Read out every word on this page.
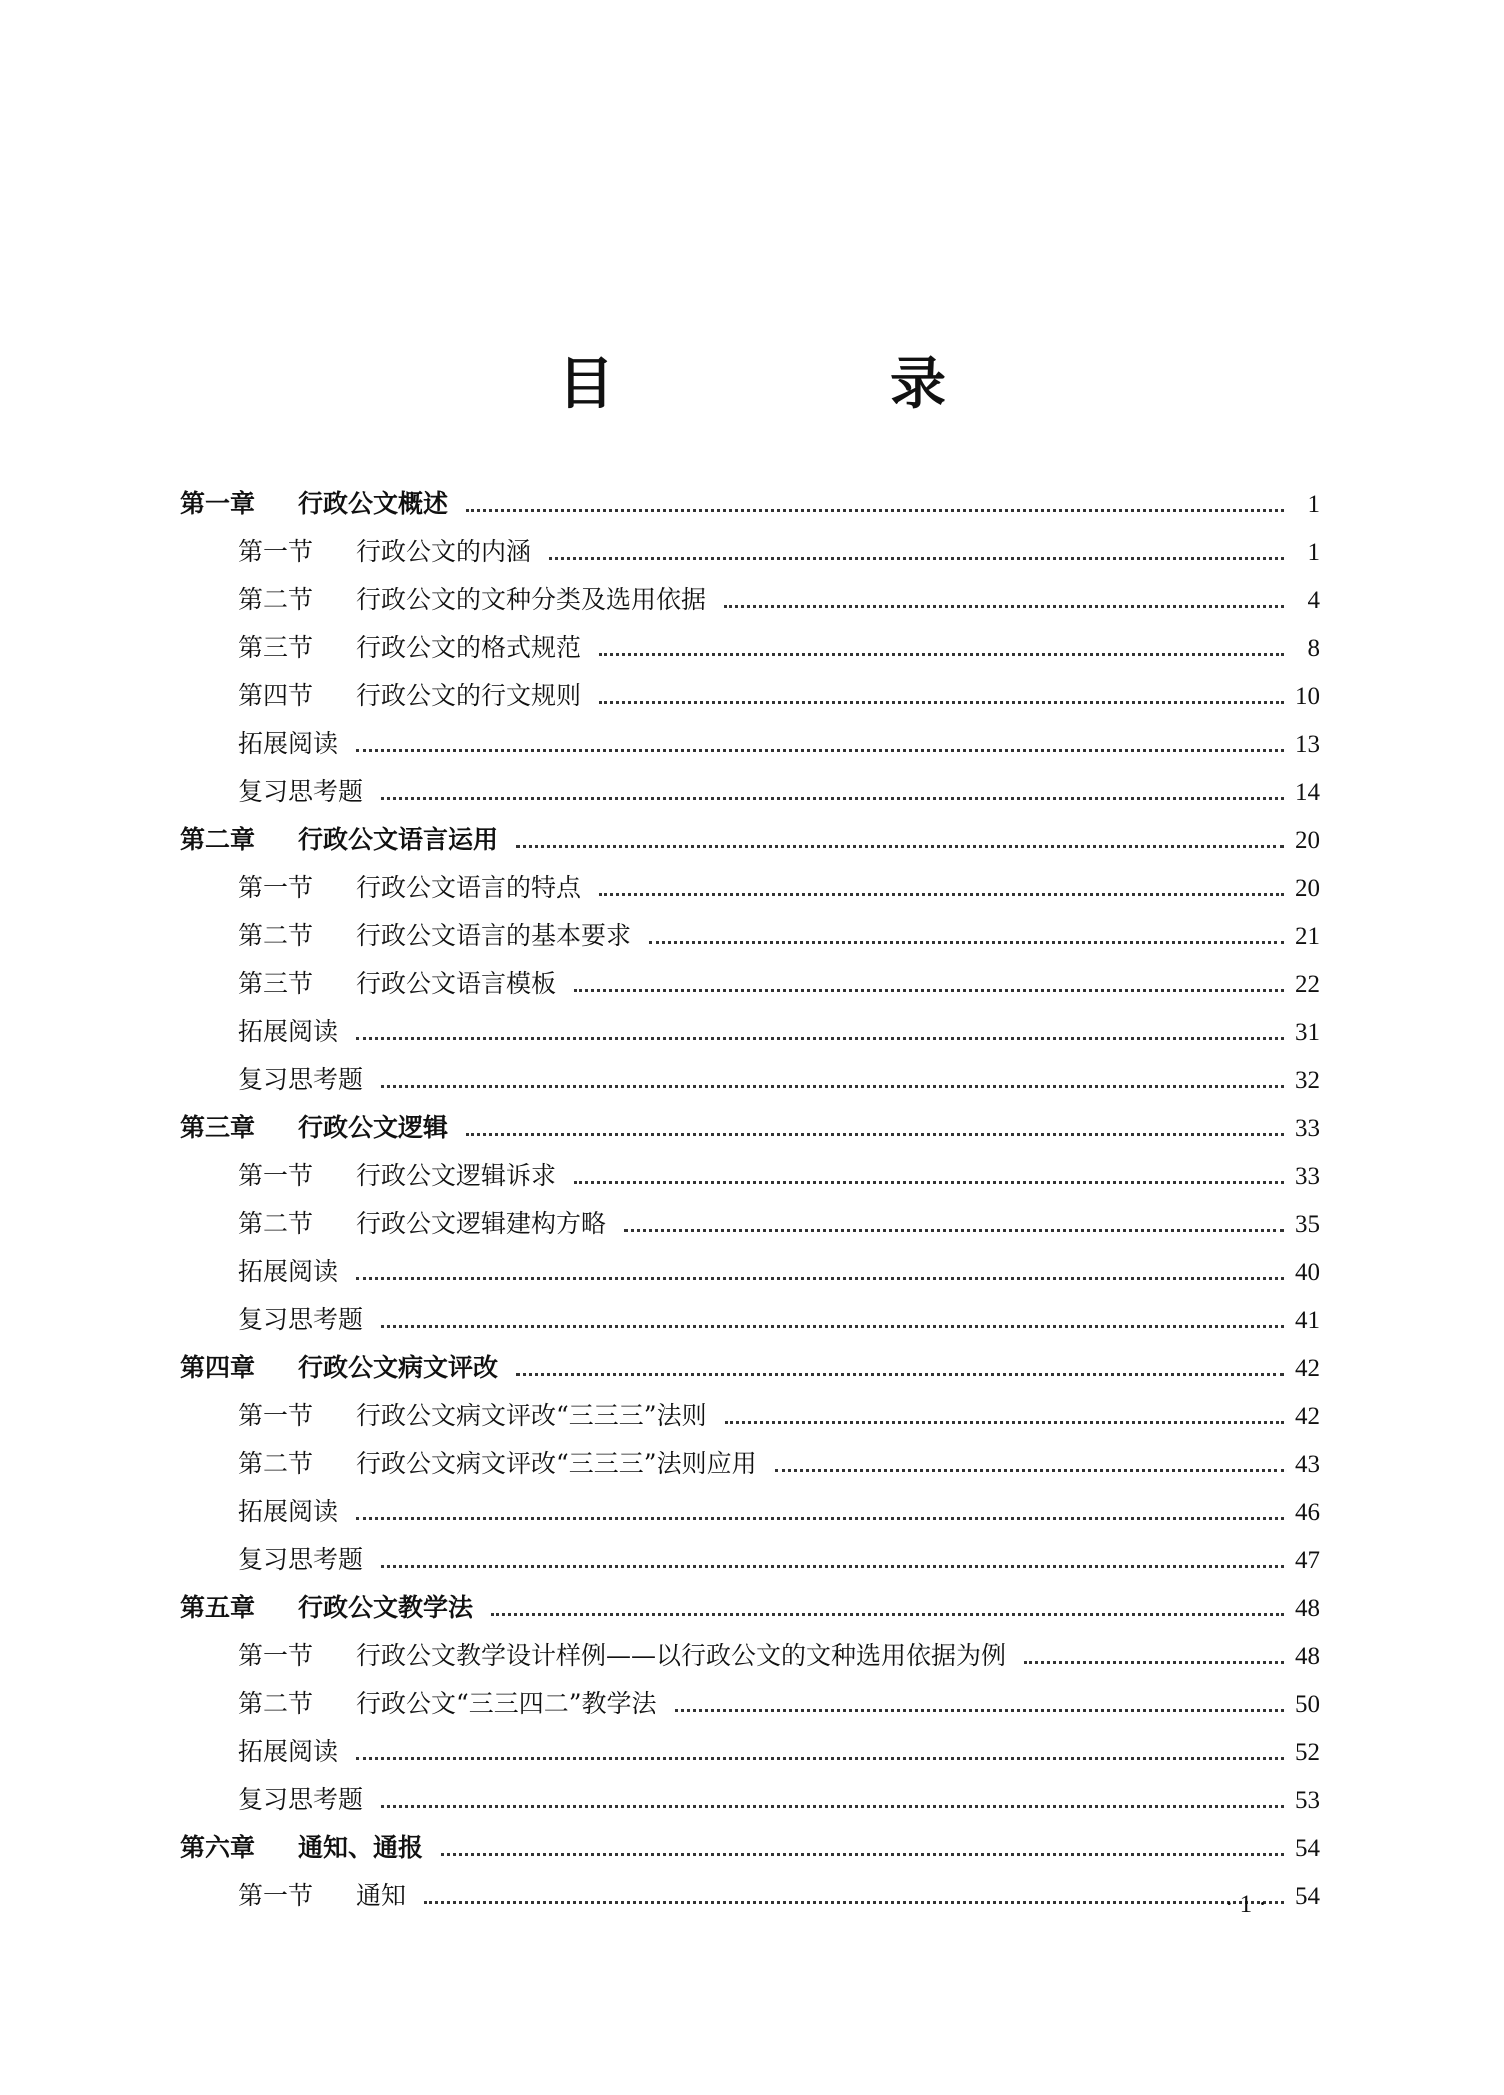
目　录
第一章	行政公文概述	1
第一节	行政公文的内涵	1
第二节	行政公文的文种分类及选用依据	4
第三节	行政公文的格式规范	8
第四节	行政公文的行文规则	10
拓展阅读	13
复习思考题	14
第二章	行政公文语言运用	20
第一节	行政公文语言的特点	20
第二节	行政公文语言的基本要求	21
第三节	行政公文语言模板	22
拓展阅读	31
复习思考题	32
第三章	行政公文逻辑	33
第一节	行政公文逻辑诉求	33
第二节	行政公文逻辑建构方略	35
拓展阅读	40
复习思考题	41
第四章	行政公文病文评改	42
第一节	行政公文病文评改“三三三”法则	42
第二节	行政公文病文评改“三三三”法则应用	43
拓展阅读	46
复习思考题	47
第五章	行政公文教学法	48
第一节	行政公文教学设计样例——以行政公文的文种选用依据为例	48
第二节	行政公文“三三四二”教学法	50
拓展阅读	52
复习思考题	53
第六章	通知、通报	54
第一节	通知	54
· 1 ·
